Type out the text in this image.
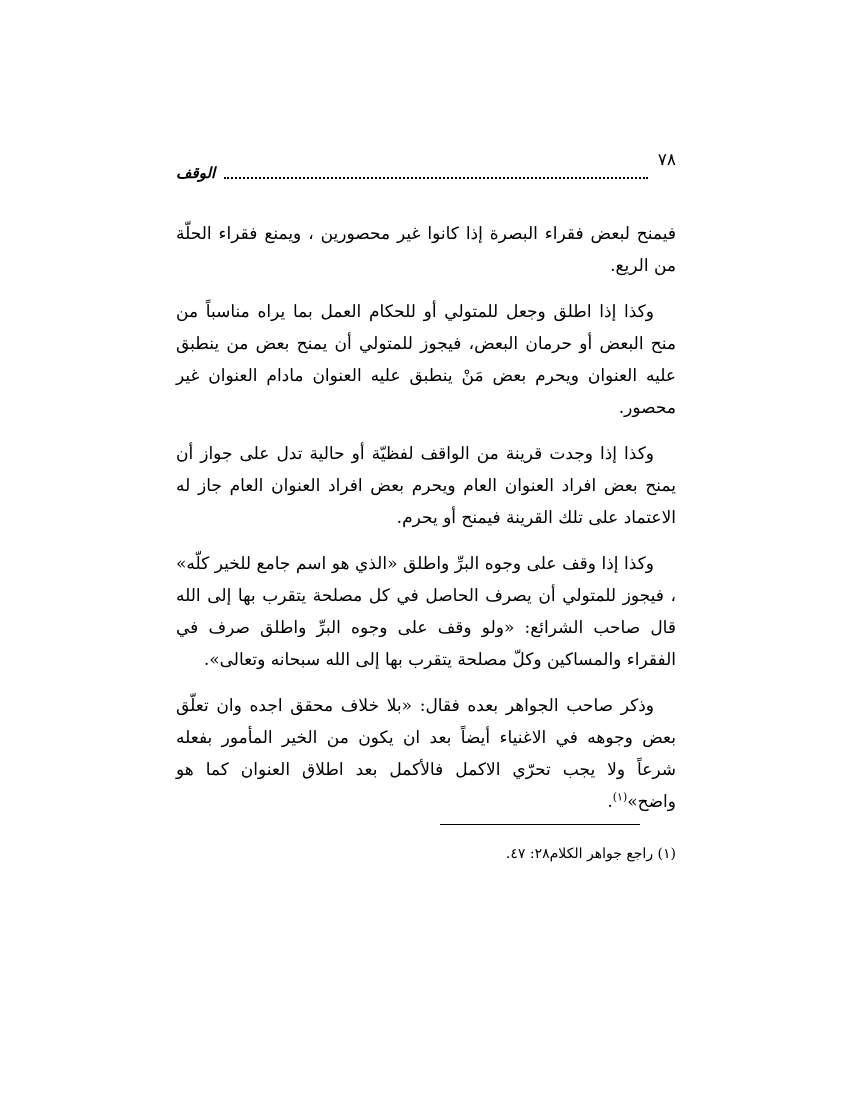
الوقف
٧٨

فيمنح لبعض فقراء البصرة إذا كانوا غير محصورين ، ويمنع فقراء الحلّة من الريع.

وكذا إذا اطلق وجعل للمتولي أو للحكام العمل بما يراه مناسباً من منح البعض أو حرمان البعض، فيجوز للمتولي أن يمنح بعض من ينطبق عليه العنوان ويحرم بعض مَنْ ينطبق عليه العنوان مادام العنوان غير محصور.

وكذا إذا وجدت قرينة من الواقف لفظيّة أو حالية تدل على جواز أن يمنح بعض افراد العنوان العام ويحرم بعض افراد العنوان العام جاز له الاعتماد على تلك القرينة فيمنح أو يحرم.

وكذا إذا وقف على وجوه البرِّ واطلق «الذي هو اسم جامع للخير كلّه» ، فيجوز للمتولي أن يصرف الحاصل في كل مصلحة يتقرب بها إلى الله قال صاحب الشرائع: «ولو وقف على وجوه البرِّ واطلق صرف في الفقراء والمساكين وكلّ مصلحة يتقرب بها إلى الله سبحانه وتعالى».

وذكر صاحب الجواهر بعده فقال: «بلا خلاف محقق اجده وان تعلّق بعض وجوهه في الاغنياء أيضاً بعد ان يكون من الخير المأمور بفعله شرعاً ولا يجب تحرّي الاكمل فالأكمل بعد اطلاق العنوان كما هو واضح»$^{(١)}$.

(١) راجع جواهر الكلام٢٨: ٤٧.
